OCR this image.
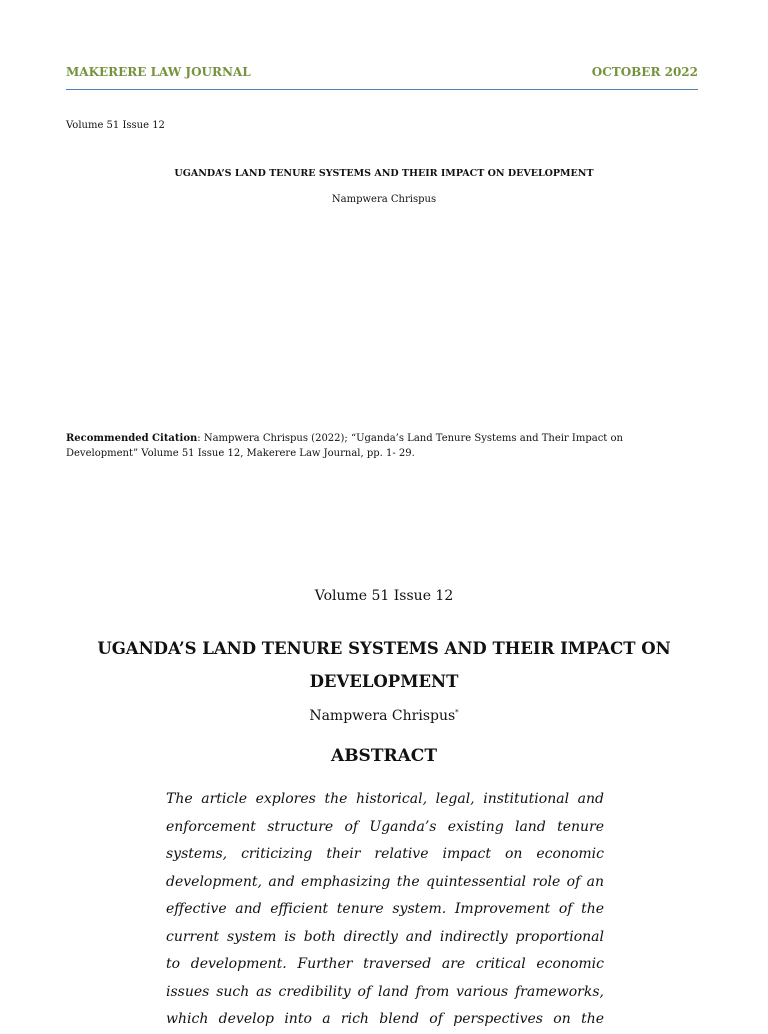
MAKERERE LAW JOURNAL	OCTOBER 2022
Volume 51 Issue 12
UGANDA’S LAND TENURE SYSTEMS AND THEIR IMPACT ON DEVELOPMENT
Nampwera Chrispus
Recommended Citation: Nampwera Chrispus (2022); “Uganda’s Land Tenure Systems and Their Impact on Development” Volume 51 Issue 12, Makerere Law Journal, pp. 1- 29.
Volume 51 Issue 12
UGANDA’S LAND TENURE SYSTEMS AND THEIR IMPACT ON DEVELOPMENT
Nampwera Chrispus*
ABSTRACT
The article explores the historical, legal, institutional and
enforcement structure of Uganda’s existing land tenure
systems, criticizing their relative impact on economic
development, and emphasizing the quintessential role of an
effective and efficient tenure system. Improvement of the
current system is both directly and indirectly proportional
to development. Further traversed are critical economic
issues such as credibility of land from various frameworks,
which develop into a rich blend of perspectives on the
